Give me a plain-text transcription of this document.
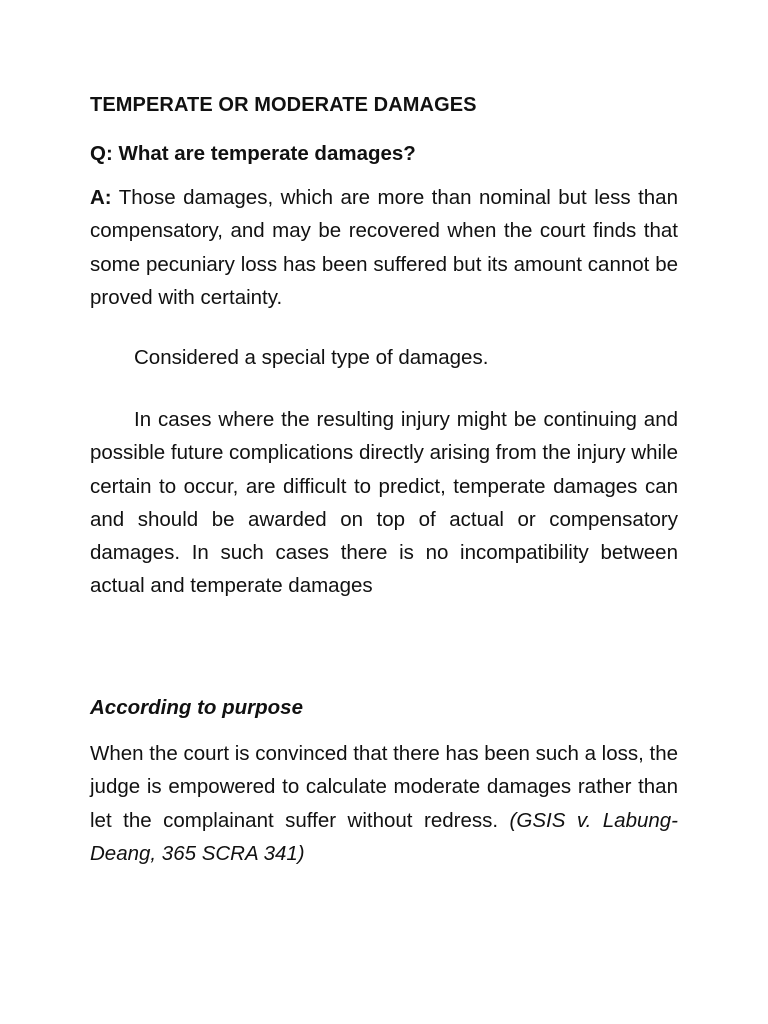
TEMPERATE OR MODERATE DAMAGES
Q: What are temperate damages?
A: Those damages, which are more than nominal but less than compensatory, and may be recovered when the court finds that some pecuniary loss has been suffered but its amount cannot be proved with certainty.
Considered a special type of damages.
In cases where the resulting injury might be continuing and possible future complications directly arising from the injury while certain to occur, are difficult to predict, temperate damages can and should be awarded on top of actual or compensatory damages. In such cases there is no incompatibility between actual and temperate damages
According to purpose
When the court is convinced that there has been such a loss, the judge is empowered to calculate moderate damages rather than let the complainant suffer without redress. (GSIS v. Labung-Deang, 365 SCRA 341)
